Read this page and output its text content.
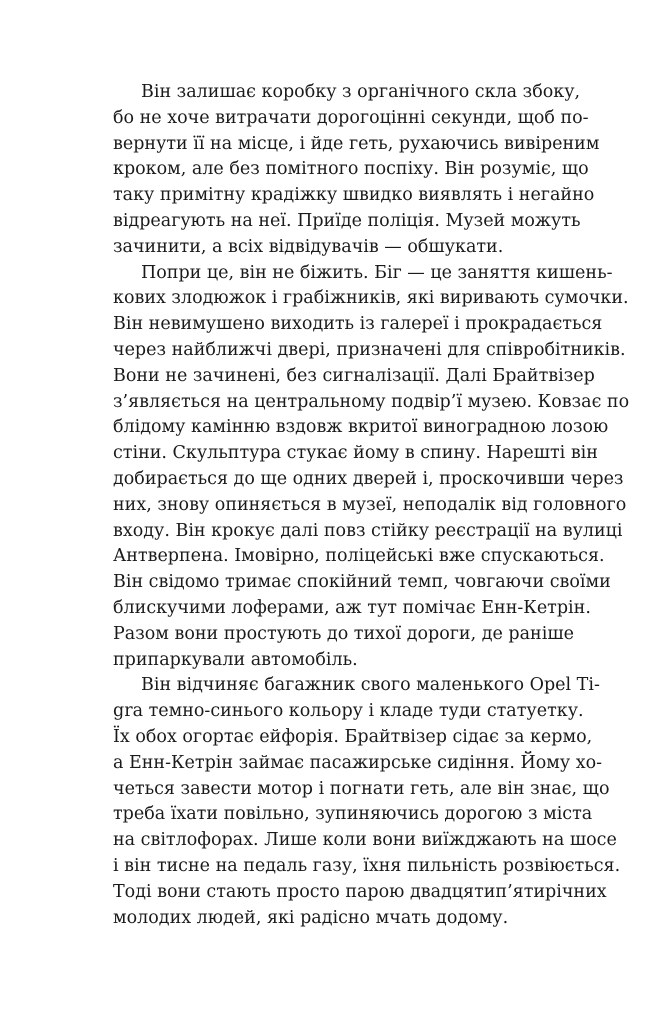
Він залишає коробку з органічного скла збоку,
бо не хоче витрачати дорогоцінні секунди, щоб по-
вернути її на місце, і йде геть, рухаючись вивіреним
кроком, але без помітного поспіху. Він розуміє, що
таку примітну крадіжку швидко виявлять і негайно
відреагують на неї. Приїде поліція. Музей можуть
зачинити, а всіх відвідувачів — обшукати.

Попри це, він не біжить. Біг — це заняття кишень-
кових злодюжок і грабіжників, які виривають сумочки.
Він невимушено виходить із галереї і прокрадається
через найближчі двері, призначені для співробітників.
Вони не зачинені, без сигналізації. Далі Брайтвізер
з’являється на центральному подвір’ї музею. Ковзає по
блідому камінню вздовж вкритої виноградною лозою
стіни. Скульптура стукає йому в спину. Нарешті він
добирається до ще одних дверей і, проскочивши через
них, знову опиняється в музеї, неподалік від головного
входу. Він крокує далі повз стійку реєстрації на вулиці
Антверпена. Імовірно, поліцейські вже спускаються.
Він свідомо тримає спокійний темп, човгаючи своїми
блискучими лоферами, аж тут помічає Енн-Кетрін.
Разом вони простують до тихої дороги, де раніше
припаркували автомобіль.

Він відчиняє багажник свого маленького Opel Ti-
gra темно-синього кольору і кладе туди статуетку.
Їх обох огортає ейфорія. Брайтвізер сідає за кермо,
а Енн-Кетрін займає пасажирське сидіння. Йому хо-
четься завести мотор і погнати геть, але він знає, що
треба їхати повільно, зупиняючись дорогою з міста
на світлофорах. Лише коли вони виїжджають на шосе
і він тисне на педаль газу, їхня пильність розвіюється.
Тоді вони стають просто парою двадцятип’ятирічних
молодих людей, які радісно мчать додому.
